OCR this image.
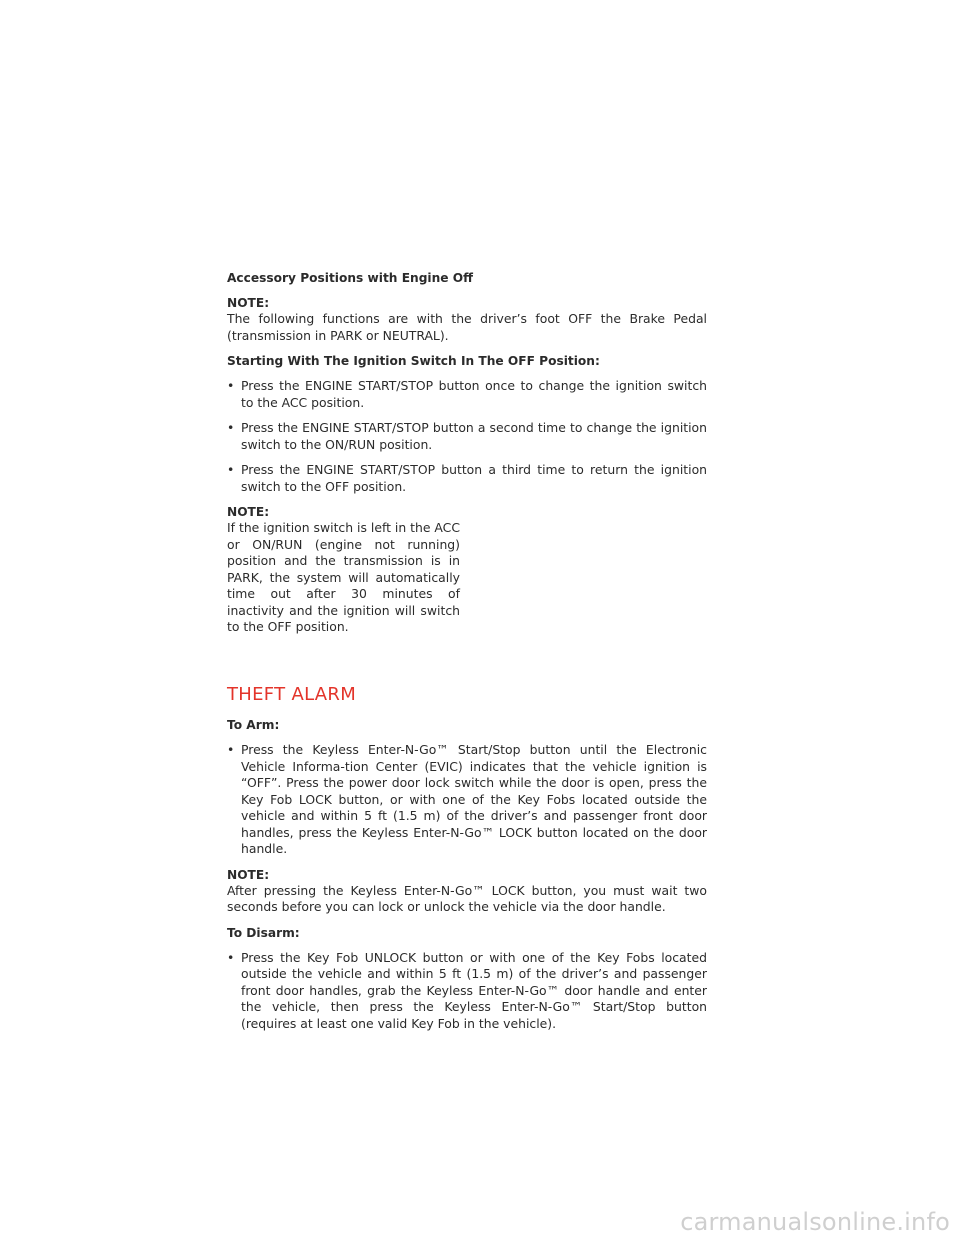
Accessory Positions with Engine Off

NOTE:

The following functions are with the driver’s foot OFF the Brake Pedal (transmission in PARK or NEUTRAL).

Starting With The Ignition Switch In The OFF Position:

• Press the ENGINE START/STOP button once to change the ignition switch to the ACC position.
• Press the ENGINE START/STOP button a second time to change the ignition switch to the ON/RUN position.
• Press the ENGINE START/STOP button a third time to return the ignition switch to the OFF position.

NOTE:

If the ignition switch is left in the ACC or ON/RUN (engine not running) position and the transmission is in PARK, the system will automatically time out after 30 minutes of inactivity and the ignition will switch to the OFF position.

THEFT ALARM

To Arm:

• Press the Keyless Enter-N-Go™ Start/Stop button until the Electronic Vehicle Informa-tion Center (EVIC) indicates that the vehicle ignition is “OFF”. Press the power door lock switch while the door is open, press the Key Fob LOCK button, or with one of the Key Fobs located outside the vehicle and within 5 ft (1.5 m) of the driver’s and passenger front door handles, press the Keyless Enter-N-Go™ LOCK button located on the door handle.

NOTE:

After pressing the Keyless Enter-N-Go™ LOCK button, you must wait two seconds before you can lock or unlock the vehicle via the door handle.

To Disarm:

• Press the Key Fob UNLOCK button or with one of the Key Fobs located outside the vehicle and within 5 ft (1.5 m) of the driver’s and passenger front door handles, grab the Keyless Enter-N-Go™ door handle and enter the vehicle, then press the Keyless Enter-N-Go™ Start/Stop button (requires at least one valid Key Fob in the vehicle).
carmanualsonline.info
